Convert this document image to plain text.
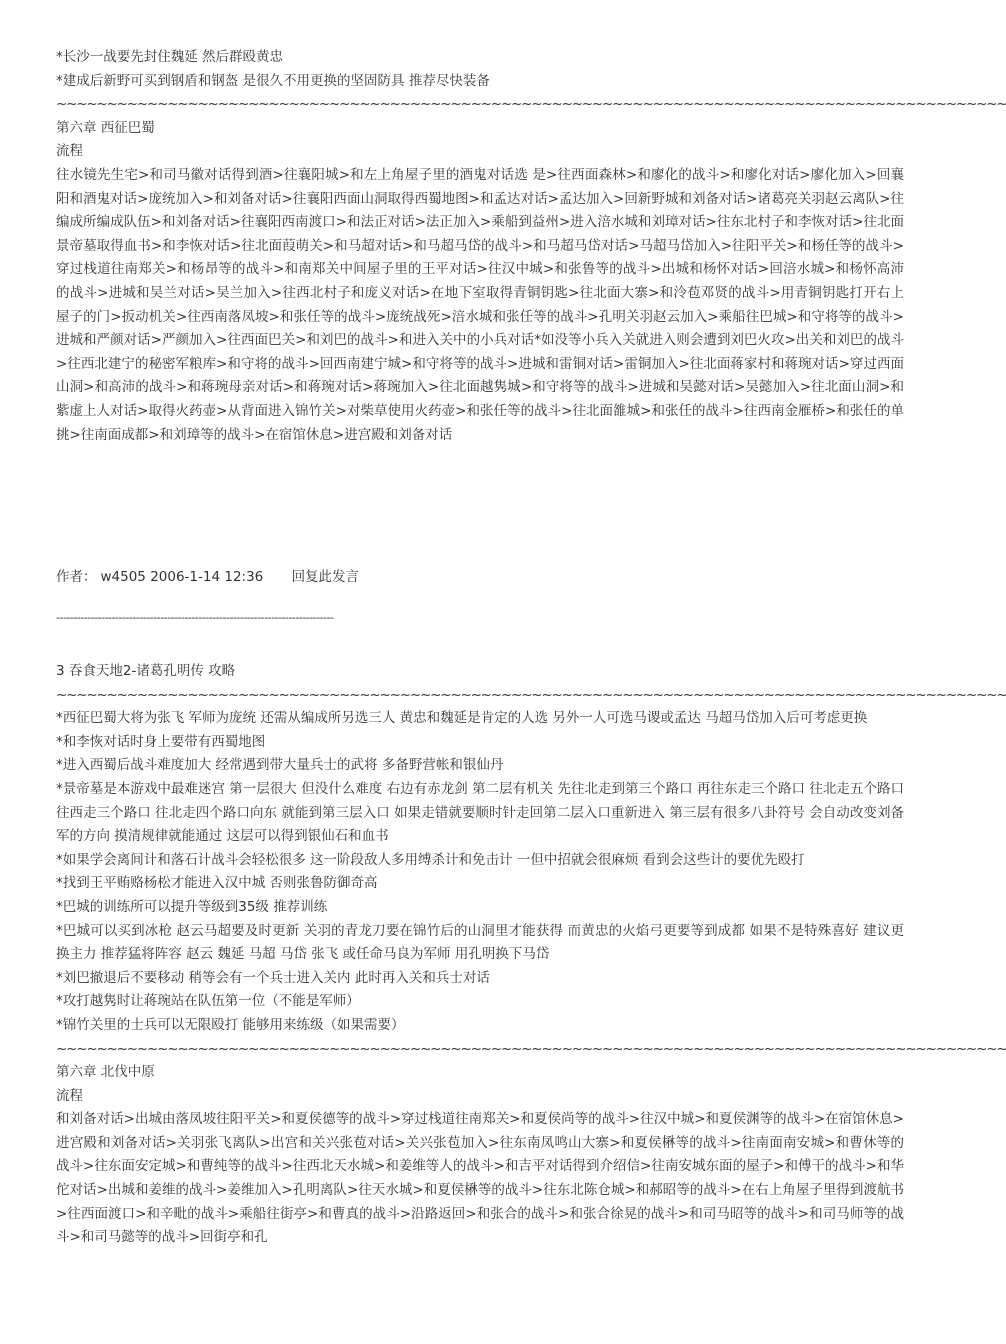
*长沙一战要先封住魏延 然后群殴黄忠
*建成后新野可买到钢盾和钢盔 是很久不用更换的坚固防具 推荐尽快装备
~~~~~~~~~~~~~~~~~~~~~~~~~~~~~~~~~~~~~~~~~~~~~~~~~~~~~~~~~~~~~~~~~~~~~~~~~~~~~~~~~~~~~~~~~~~~~~
第六章 西征巴蜀
流程
往水镜先生宅>和司马徽对话得到酒>往襄阳城>和左上角屋子里的酒鬼对话选 是>往西面森林>和廖化的战斗>和廖化对话>廖化加入>回襄阳和酒鬼对话>庞统加入>和刘备对话>往襄阳西面山洞取得西蜀地图>和孟达对话>孟达加入>回新野城和刘备对话>诸葛亮关羽赵云离队>往编成所编成队伍>和刘备对话>往襄阳西南渡口>和法正对话>法正加入>乘船到益州>进入涪水城和刘璋对话>往东北村子和李恢对话>往北面景帝墓取得血书>和李恢对话>往北面葭萌关>和马超对话>和马超马岱的战斗>和马超马岱对话>马超马岱加入>往阳平关>和杨任等的战斗>穿过栈道往南郑关>和杨昂等的战斗>和南郑关中间屋子里的王平对话>往汉中城>和张鲁等的战斗>出城和杨怀对话>回涪水城>和杨怀高沛的战斗>进城和吴兰对话>吴兰加入>往西北村子和庞义对话>在地下室取得青铜钥匙>往北面大寨>和泠苞邓贤的战斗>用青铜钥匙打开右上屋子的门>扳动机关>往西南落凤坡>和张任等的战斗>庞统战死>涪水城和张任等的战斗>孔明关羽赵云加入>乘船往巴城>和守将等的战斗>进城和严颜对话>严颜加入>往西面巴关>和刘巴的战斗>和进入关中的小兵对话*如没等小兵入关就进入则会遭到刘巴火攻>出关和刘巴的战斗>往西北建宁的秘密军粮库>和守将的战斗>回西南建宁城>和守将等的战斗>进城和雷铜对话>雷铜加入>往北面蒋家村和蒋琬对话>穿过西面山洞>和高沛的战斗>和蒋琬母亲对话>和蒋琬对话>蒋琬加入>往北面越隽城>和守将等的战斗>进城和吴懿对话>吴懿加入>往北面山洞>和紫虚上人对话>取得火药壶>从背面进入锦竹关>对柴草使用火药壶>和张任等的战斗>往北面雒城>和张任的战斗>往西南金雁桥>和张任的单挑>往南面成都>和刘璋等的战斗>在宿馆休息>进宫殿和刘备对话
作者： w4505 2006-1-14 12:36 回复此发言
--------------------------------------------------------------------------------
3 吞食天地2-诸葛孔明传 攻略
~~~~~~~~~~~~~~~~~~~~~~~~~~~~~~~~~~~~~~~~~~~~~~~~~~~~~~~~~~~~~~~~~~~~~~~~~~~~~~~~~~~~~~~~~~~~~~
*西征巴蜀大将为张飞 军师为庞统 还需从编成所另选三人 黄忠和魏延是肯定的人选 另外一人可选马谡或孟达 马超马岱加入后可考虑更换
*和李恢对话时身上要带有西蜀地图
*进入西蜀后战斗难度加大 经常遇到带大量兵士的武将 多备野营帐和银仙丹
*景帝墓是本游戏中最难迷宫 第一层很大 但没什么难度 右边有赤龙剑 第二层有机关 先往北走到第三个路口 再往东走三个路口 往北走五个路口 往西走三个路口 往北走四个路口向东 就能到第三层入口 如果走错就要顺时针走回第二层入口重新进入 第三层有很多八卦符号 会自动改变刘备军的方向 摸清规律就能通过 这层可以得到银仙石和血书
*如果学会离间计和落石计战斗会轻松很多 这一阶段敌人多用缚杀计和免击计 一但中招就会很麻烦 看到会这些计的要优先殴打
*找到王平贿赂杨松才能进入汉中城 否则张鲁防御奇高
*巴城的训练所可以提升等级到35级 推荐训练
*巴城可以买到冰枪 赵云马超要及时更新 关羽的青龙刀要在锦竹后的山洞里才能获得 而黄忠的火焰弓更要等到成都 如果不是特殊喜好 建议更换主力 推荐猛将阵容 赵云 魏延 马超 马岱 张飞 或任命马良为军师 用孔明换下马岱
*刘巴撤退后不要移动 稍等会有一个兵士进入关内 此时再入关和兵士对话
*攻打越隽时让蒋琬站在队伍第一位（不能是军师）
*锦竹关里的士兵可以无限殴打 能够用来练级（如果需要）
~~~~~~~~~~~~~~~~~~~~~~~~~~~~~~~~~~~~~~~~~~~~~~~~~~~~~~~~~~~~~~~~~~~~~~~~~~~~~~~~~~~~~~~~~~~~~~
第六章 北伐中原
流程
和刘备对话>出城由落凤坡往阳平关>和夏侯德等的战斗>穿过栈道往南郑关>和夏侯尚等的战斗>往汉中城>和夏侯渊等的战斗>在宿馆休息>进宫殿和刘备对话>关羽张飞离队>出宫和关兴张苞对话>关兴张苞加入>往东南凤鸣山大寨>和夏侯楙等的战斗>往南面南安城>和曹休等的战斗>往东面安定城>和曹纯等的战斗>往西北天水城>和姜维等人的战斗>和吉平对话得到介绍信>往南安城东面的屋子>和傅干的战斗>和华佗对话>出城和姜维的战斗>姜维加入>孔明离队>往天水城>和夏侯楙等的战斗>往东北陈仓城>和郝昭等的战斗>在右上角屋子里得到渡航书>往西面渡口>和辛毗的战斗>乘船往街亭>和曹真的战斗>沿路返回>和张合的战斗>和张合徐晃的战斗>和司马昭等的战斗>和司马师等的战斗>和司马懿等的战斗>回街亭和孔
